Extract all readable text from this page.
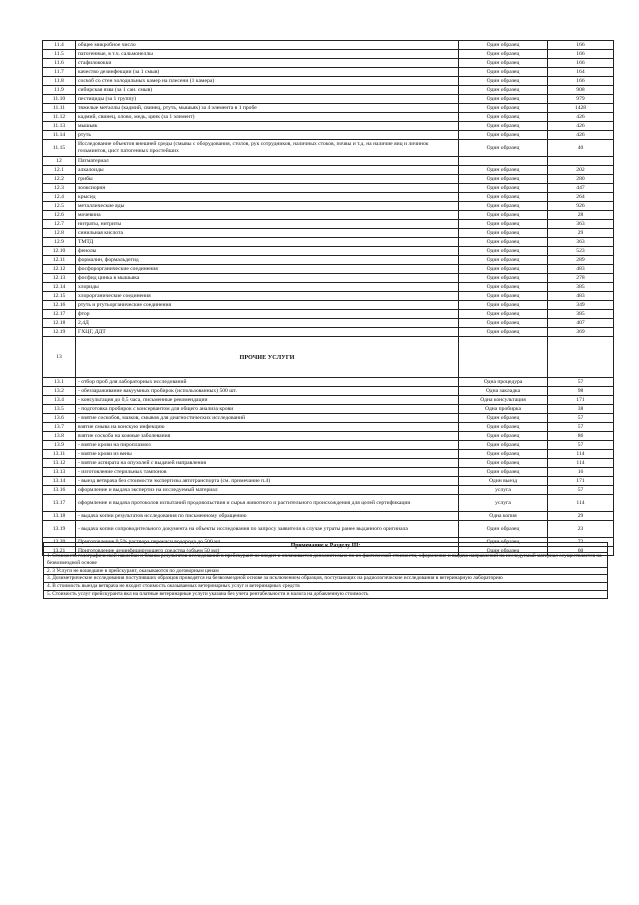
11.4	общее микробное число	Один образец	166
11.5	патогенные, в т.ч. сальмонеллы	Один образец	166
11.6	стафилококки	Один образец	166
11.7	качество дезинфекции (за 1 смыв)	Один образец	164
11.8	соскоб со стен холодильных камер на плесени (1 камера)	Один образец	166
11.9	сибирская язва (за 1 сан. смыв)	Один образец	908
11.10	пестициды (за 1 группу)	Один образец	979
11.11	тяжелые металлы (кадмий, свинец, ртуть, мышьяк) за 4 элемента в 1 пробе	Один образец	1428
11.12	кадмий, свинец, олово, медь, цинк (за 1 элемент)	Один образец	426
11.13	мышьяк	Один образец	426
11.14	ртуть	Один образец	426
11.15	Исследование объектов внешней среды (смывы с оборудования, столов, рук сотрудников, наличных стоков, почвы и т.д. на наличие яиц и личинок гельминтов, цист патогенных простейших	Один образец	40
12	Патматериал		
12.1	алкалоиды	Один образец	202
12.2	грибы	Один образец	280
12.3	зооксиорин	Один образец	447
12.4	крысид	Один образец	264
12.5	металлические яды	Один образец	926
12.6	мочевина	Один образец	28
12.7	нитраты, нитриты	Один образец	363
12.8	синильная кислота	Один образец	29
12.9	ТМТД	Один образец	363
12.10	фенолы	Один образец	523
12.11	формалин, формальдегид	Один образец	289
12.12	фосфорорганические соединения	Один образец	483
12.13	фосфид цинка в мышьяка	Один образец	278
12.14	хлориды	Один образец	385
12.15	хлорорганические соединения	Один образец	483
12.16	ртуть и ртутьорганические соединения	Один образец	349
12.17	фтор	Один образец	385
12.18	2,4Д	Один образец	407
12.19	ГХЦГ, ДДТ	Один образец	369
13	ПРОЧИЕ УСЛУГИ		
13.1	- отбор проб для лабораторных исследований	Одна процедура	57
13.2	- обеззараживание вакуумных пробирок (использованных) 500 шт.	Одна закладка	98
13.4	- консультация до 0,5 часа, письменные рекомендации	Одна консультация	171
13.5	- подготовка пробирок с консервантом для общего анализа крови	Одна пробирка	38
13.6	- взятие соскобов, мазков, смывов для диагностических исследований	Один образец	57
13.7	взятие смыва на конскую инфекцию	Один образец	57
13.8	взятие соскоба на кожные заболевания	Один образец	86
13.9	- взятие крови на пироплазмоз	Один образец	57
13.11	- взятие крови из вены	Один образец	114
13.12	- взятие аспирата на опухолей с выдачей направления	Один образец	114
13.13	- изготовление стерильных тампонов	Один образец	16
13.14	- выезд ветврача без стоимости экспертизы автотранспорта (см. примечание п.4)	Один выезд	171
13.16	оформление и выдача экспертиз на исследуемый материал	услуга	57
13.17	оформление и выдача протоколов испытаний продовольствия и сырья животного и растительного происхождения для целей сертификации	услуга	114
13.18	- выдача копии результатов исследования по письменному обращению	Одна копия	29
13.19	- выдача копии сопроводительного документа на объекты исследования по запросу заявителя в случае утраты ранее выданного оригинала	Один образец	23
13.20	Приготовление 0,5% раствора перекиси водорода до 500 мл	Один образец	72
13.21	Приготовление дезинфицирующего средства (объем 50 мл)	Один образец	60
Примечание к Разделу III:
1. Стоимость голографической наклейки и бланка результатов исследований в прейскурант не входит и оплачивается дополнительно по их фактической стоимости, оформление и выдача направлений на исследуемый материал осуществляется на безвозмездной основе
2. 3 Услуги не вошедшие в прейскурант, оказываются по договорным ценам
3. Дозиметрические исследования поступивших образцов проводятся на безвозмездной основе за исключением образцов, поступающих на радиологические исследования в ветеринарную лабораторию
4. В стоимость выезда ветврача не входит стоимость оказываемых ветеринарных услуг и ветеринарных средств
5. Стоимость услуг прейскуранта вкл на платные ветеринарные услуги указана без учета рентабельности и налога на добавленную стоимость
